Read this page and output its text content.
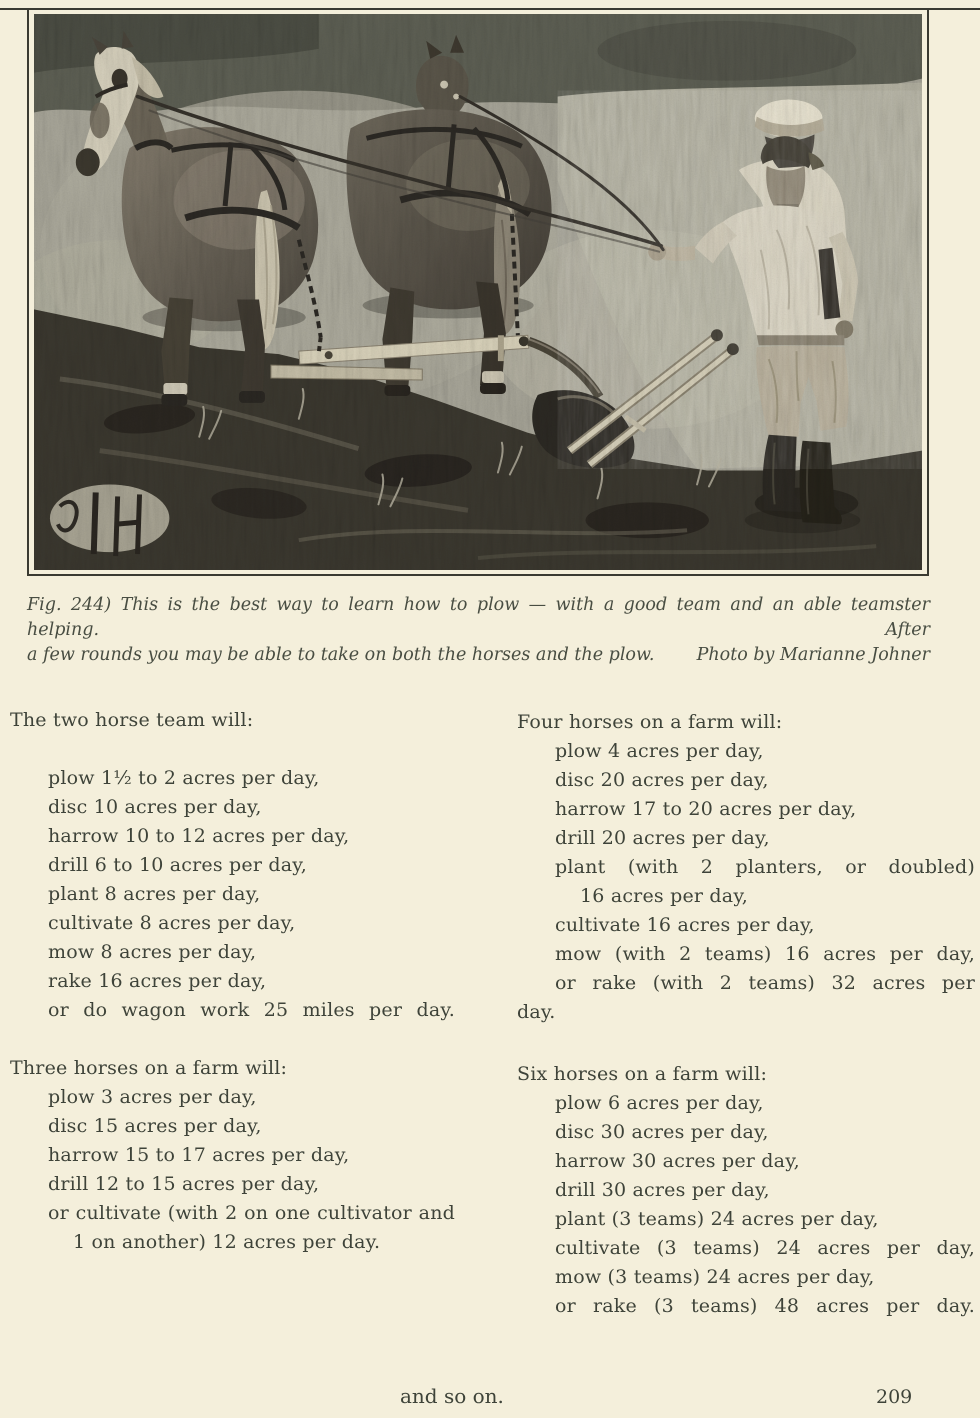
Fig. 244) This is the best way to learn how to plow — with a good team and an able teamster helping. After
a few rounds you may be able to take on both the horses and the plow. Photo by Marianne Johner
The two horse team will:
plow 1½ to 2 acres per day,
disc 10 acres per day,
harrow 10 to 12 acres per day,
drill 6 to 10 acres per day,
plant 8 acres per day,
cultivate 8 acres per day,
mow 8 acres per day,
rake 16 acres per day,
or do wagon work 25 miles per day.
Three horses on a farm will:
plow 3 acres per day,
disc 15 acres per day,
harrow 15 to 17 acres per day,
drill 12 to 15 acres per day,
or cultivate (with 2 on one cultivator and
1 on another) 12 acres per day.
Four horses on a farm will:
plow 4 acres per day,
disc 20 acres per day,
harrow 17 to 20 acres per day,
drill 20 acres per day,
plant (with 2 planters, or doubled)
16 acres per day,
cultivate 16 acres per day,
mow (with 2 teams) 16 acres per day,
or rake (with 2 teams) 32 acres per
day.
Six horses on a farm will:
plow 6 acres per day,
disc 30 acres per day,
harrow 30 acres per day,
drill 30 acres per day,
plant (3 teams) 24 acres per day,
cultivate (3 teams) 24 acres per day,
mow (3 teams) 24 acres per day,
or rake (3 teams) 48 acres per day.
and so on.	209
